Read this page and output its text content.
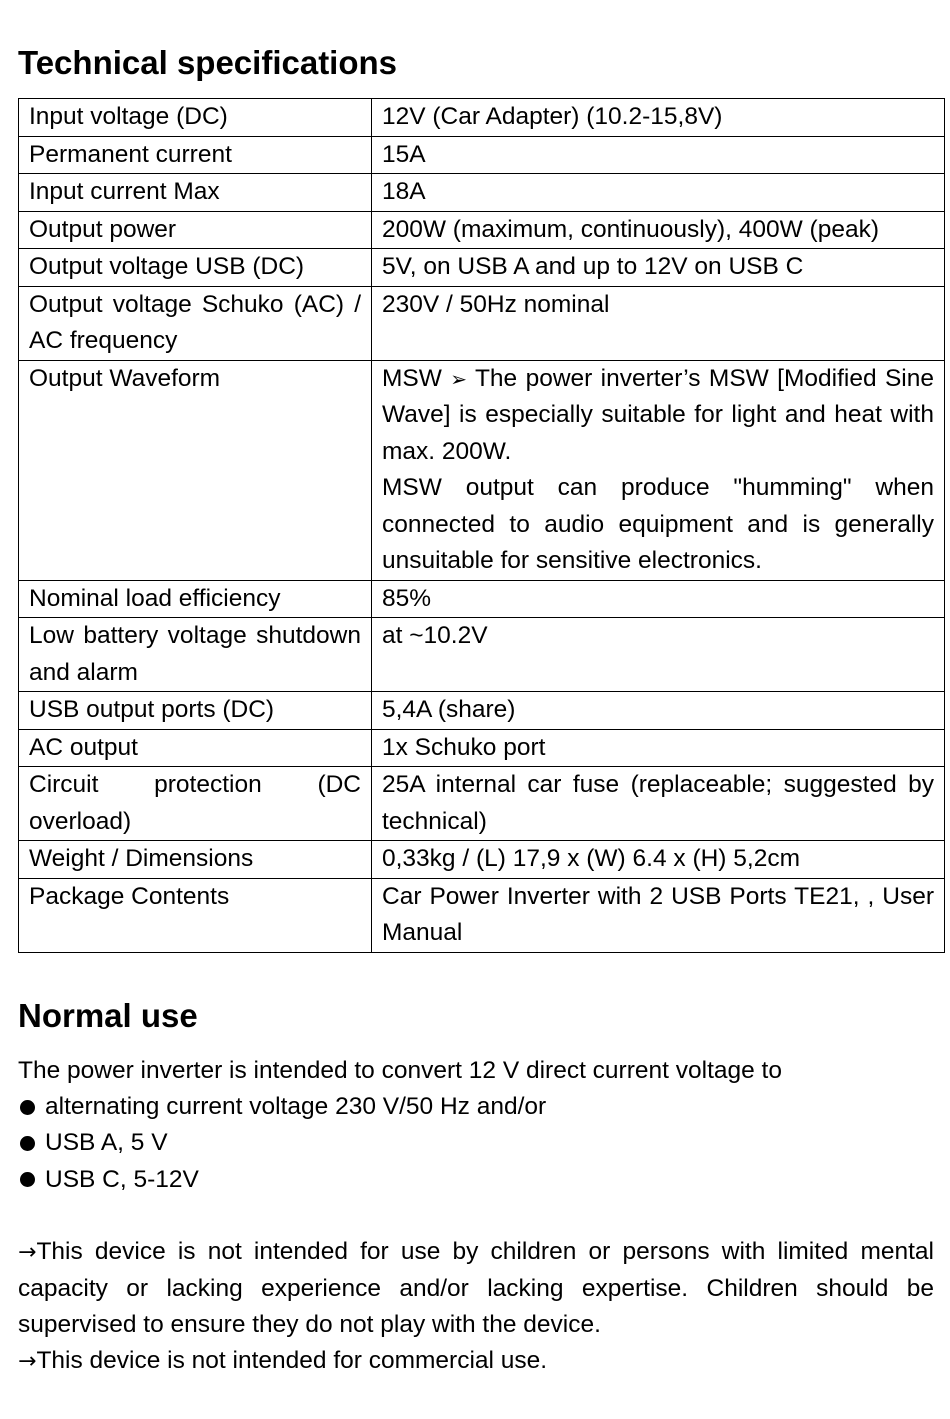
Technical specifications
Input voltage (DC)	12V (Car Adapter) (10.2-15,8V)
Permanent current	15A
Input current Max	18A
Output power	200W (maximum, continuously), 400W (peak)
Output voltage USB (DC)	5V, on USB A and up to 12V on USB C
Output voltage Schuko (AC) / AC frequency	230V / 50Hz nominal
Output Waveform	MSW ➢ The power inverter’s MSW [Modified Sine Wave] is especially suitable for light and heat with max. 200W.
MSW output can produce "humming" when connected to audio equipment and is generally unsuitable for sensitive electronics.

Nominal load efficiency	85%
Low battery voltage shutdown and alarm	at ~10.2V
USB output ports (DC)	5,4A (share)
AC output	1x Schuko port
Circuit protection (DC overload)	25A internal car fuse (replaceable; suggested by technical)
Weight / Dimensions	0,33kg / (L) 17,9 x (W) 6.4 x (H) 5,2cm
Package Contents	Car Power Inverter with 2 USB Ports TE21, , User Manual
Normal use

The power inverter is intended to convert 12 V direct current voltage to

alternating current voltage 230 V/50 Hz and/or
USB A, 5 V
USB C, 5-12V

→This device is not intended for use by children or persons with limited mental capacity or lacking experience and/or lacking expertise. Children should be supervised to ensure they do not play with the device.

→This device is not intended for commercial use.
